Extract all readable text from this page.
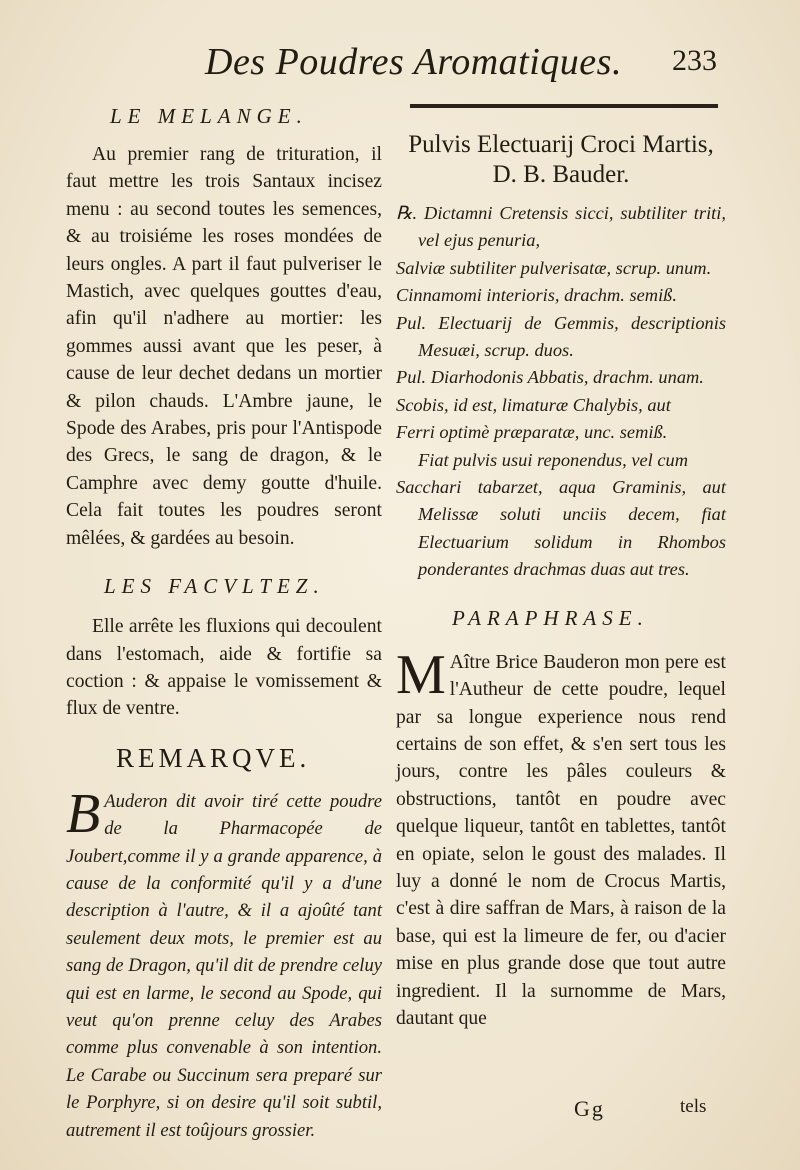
Des Poudres Aromatiques. 233

LE MELANGE.

Au premier rang de trituration, il faut mettre les trois Santaux incisez menu : au second toutes les semences, & au troisiéme les roses mondées de leurs ongles. A part il faut pulveriser le Mastich, avec quelques gouttes d'eau, afin qu'il n'adhere au mortier: les gommes aussi avant que les peser, à cause de leur dechet dedans un mortier & pilon chauds. L'Ambre jaune, le Spode des Arabes, pris pour l'Antispode des Grecs, le sang de dragon, & le Camphre avec demy goutte d'huile. Cela fait toutes les poudres seront mêlées, & gardées au besoin.

LES FACVLTEZ.

Elle arrête les fluxions qui decoulent dans l'estomach, aide & fortifie sa coction : & appaise le vomissement & flux de ventre.

REMARQVE.

B Auderon dit avoir tiré cette poudre de la Pharmacopée de Joubert,comme il y a grande apparence, à cause de la conformité qu'il y a d'une description à l'autre, & il a ajoûté tant seulement deux mots, le premier est au sang de Dragon, qu'il dit de prendre celuy qui est en larme, le second au Spode, qui veut qu'on prenne celuy des Arabes comme plus convenable à son intention. Le Carabe ou Succinum sera preparé sur le Porphyre, si on desire qu'il soit subtil, autrement il est toûjours grossier.

Pulvis Electuarij Croci Martis,

D. B. Bauder.

℞. Dictamni Cretensis sicci, subtiliter triti, vel ejus penuria,

Salviæ subtiliter pulverisatæ, scrup. unum.

Cinnamomi interioris, drachm. semiß.

Pul. Electuarij de Gemmis, descriptionis Mesuæi, scrup. duos.

Pul. Diarhodonis Abbatis, drachm. unam.

Scobis, id est, limaturæ Chalybis, aut

Ferri optimè præparatæ, unc. semiß.

Fiat pulvis usui reponendus, vel cum

Sacchari tabarzet, aqua Graminis, aut Melissæ soluti unciis decem, fiat Electuarium solidum in Rhombos ponderantes drachmas duas aut tres.

PARAPHRASE.

M Aître Brice Bauderon mon pere est l'Autheur de cette poudre, lequel par sa longue experience nous rend certains de son effet, & s'en sert tous les jours, contre les pâles couleurs & obstructions, tantôt en poudre avec quelque liqueur, tantôt en tablettes, tantôt en opiate, selon le goust des malades. Il luy a donné le nom de Crocus Martis, c'est à dire saffran de Mars, à raison de la base, qui est la limeure de fer, ou d'acier mise en plus grande dose que tout autre ingredient. Il la surnomme de Mars, dautant que

Gg	tels
